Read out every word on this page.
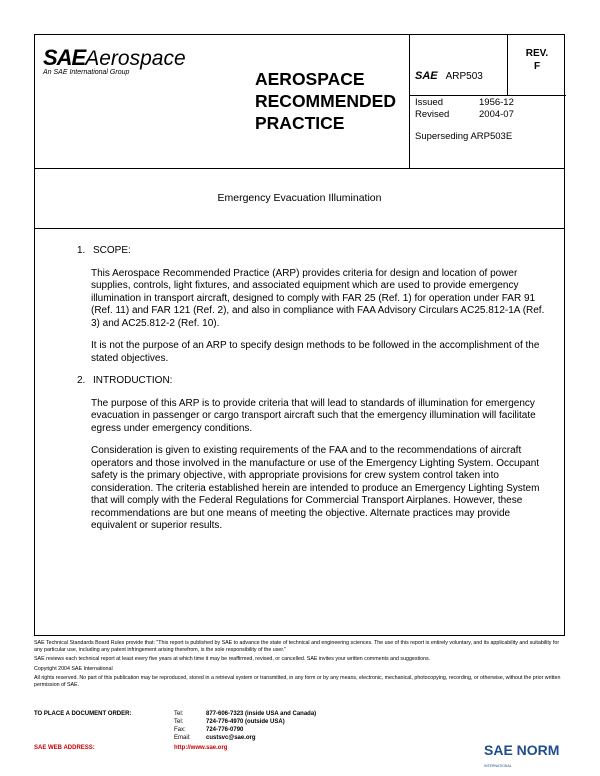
SAEAerospace
An SAE International Group	AEROSPACE
RECOMMENDED
PRACTICE
REV.
F
SAE ARP503
Issued	1956-12
Revised	2004-07
Superseding ARP503E
Emergency Evacuation Illumination
1. SCOPE:

This Aerospace Recommended Practice (ARP) provides criteria for design and location of power supplies, controls, light fixtures, and associated equipment which are used to provide emergency illumination in transport aircraft, designed to comply with FAR 25 (Ref. 1) for operation under FAR 91 (Ref. 11) and FAR 121 (Ref. 2), and also in compliance with FAA Advisory Circulars AC25.812-1A (Ref. 3) and AC25.812-2 (Ref. 10).

It is not the purpose of an ARP to specify design methods to be followed in the accomplishment of the stated objectives.

2. INTRODUCTION:

The purpose of this ARP is to provide criteria that will lead to standards of illumination for emergency evacuation in passenger or cargo transport aircraft such that the emergency illumination will facilitate egress under emergency conditions.

Consideration is given to existing requirements of the FAA and to the recommendations of aircraft operators and those involved in the manufacture or use of the Emergency Lighting System. Occupant safety is the primary objective, with appropriate provisions for crew system control taken into consideration. The criteria established herein are intended to produce an Emergency Lighting System that will comply with the Federal Regulations for Commercial Transport Airplanes. However, these recommendations are but one means of meeting the objective. Alternate practices may provide equivalent or superior results.

SAE Technical Standards Board Rules provide that: "This report is published by SAE to advance the state of technical and engineering sciences. The use of this report is entirely voluntary, and its applicability and suitability for any particular use, including any patent infringement arising therefrom, is the sole responsibility of the user."

SAE reviews each technical report at least every five years at which time it may be reaffirmed, revised, or cancelled. SAE invites your written comments and suggestions.

Copyright 2004 SAE International

All rights reserved. No part of this publication may be reproduced, stored in a retrieval system or transmitted, in any form or by any means, electronic, mechanical, photocopying, recording, or otherwise, without the prior written permission of SAE.

TO PLACE A DOCUMENT ORDER:	Tel:	877-606-7323 (inside USA and Canada)
Tel:	724-776-4970 (outside USA)
Fax:	724-776-0790
Email:	custsvc@sae.org
SAE WEB ADDRESS:	http://www.sae.org	SAE NORM
INTERNATIONAL
